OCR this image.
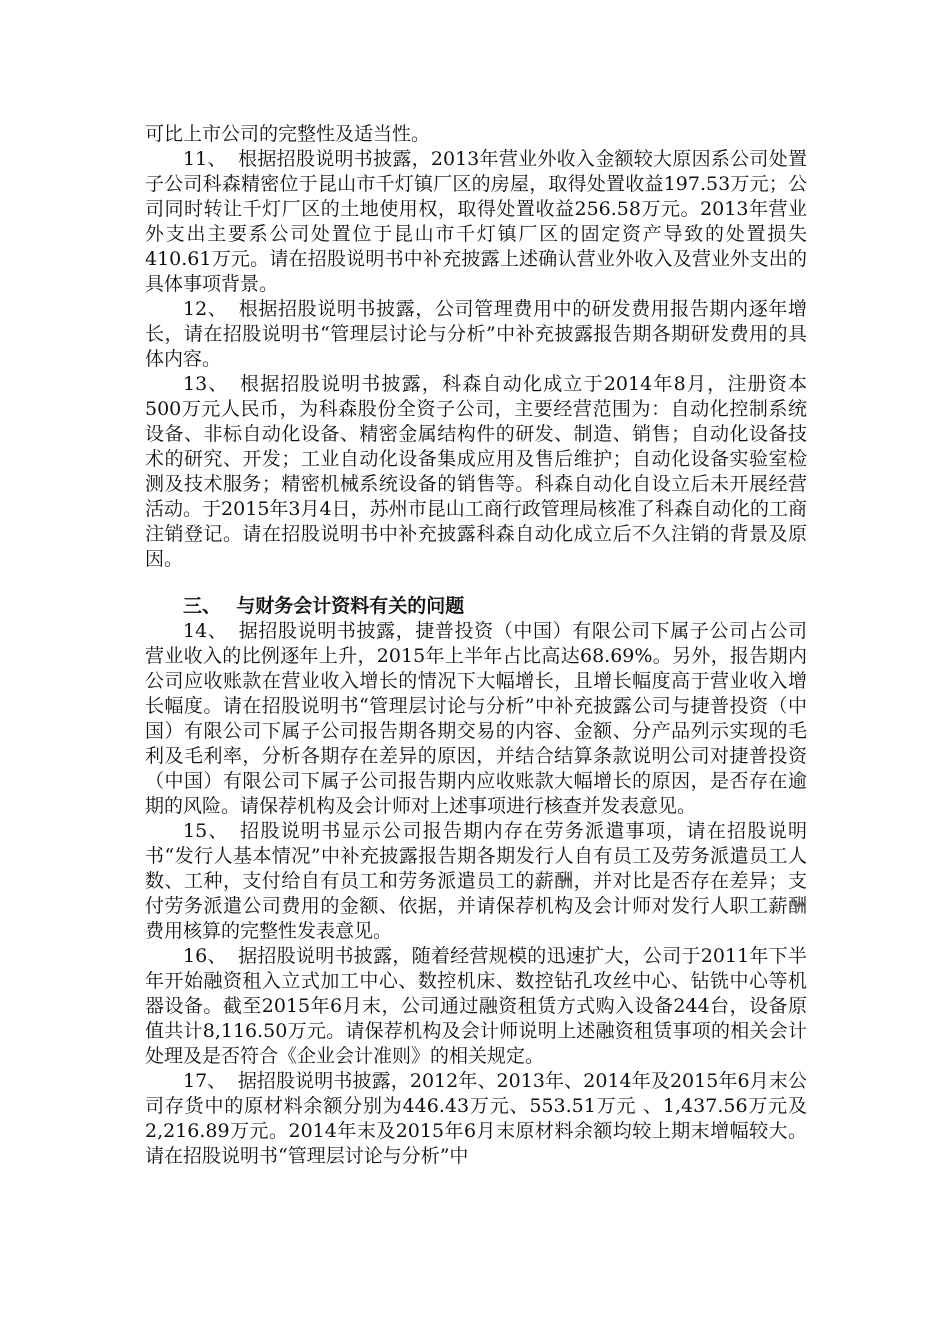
可比上市公司的完整性及适当性。

11、 根据招股说明书披露，2013年营业外收入金额较大原因系公司处置子公司科森精密位于昆山市千灯镇厂区的房屋，取得处置收益197.53万元；公司同时转让千灯厂区的土地使用权，取得处置收益256.58万元。2013年营业外支出主要系公司处置位于昆山市千灯镇厂区的固定资产导致的处置损失410.61万元。请在招股说明书中补充披露上述确认营业外收入及营业外支出的具体事项背景。

12、 根据招股说明书披露，公司管理费用中的研发费用报告期内逐年增长，请在招股说明书“管理层讨论与分析”中补充披露报告期各期研发费用的具体内容。

13、 根据招股说明书披露，科森自动化成立于2014年8月，注册资本500万元人民币，为科森股份全资子公司，主要经营范围为：自动化控制系统设备、非标自动化设备、精密金属结构件的研发、制造、销售；自动化设备技术的研究、开发；工业自动化设备集成应用及售后维护；自动化设备实验室检测及技术服务；精密机械系统设备的销售等。科森自动化自设立后未开展经营活动。于2015年3月4日，苏州市昆山工商行政管理局核准了科森自动化的工商注销登记。请在招股说明书中补充披露科森自动化成立后不久注销的背景及原因。

三、 与财务会计资料有关的问题

14、 据招股说明书披露，捷普投资（中国）有限公司下属子公司占公司营业收入的比例逐年上升，2015年上半年占比高达68.69%。另外，报告期内公司应收账款在营业收入增长的情况下大幅增长，且增长幅度高于营业收入增长幅度。请在招股说明书“管理层讨论与分析”中补充披露公司与捷普投资（中国）有限公司下属子公司报告期各期交易的内容、金额、分产品列示实现的毛利及毛利率，分析各期存在差异的原因，并结合结算条款说明公司对捷普投资（中国）有限公司下属子公司报告期内应收账款大幅增长的原因，是否存在逾期的风险。请保荐机构及会计师对上述事项进行核查并发表意见。

15、 招股说明书显示公司报告期内存在劳务派遣事项，请在招股说明书“发行人基本情况”中补充披露报告期各期发行人自有员工及劳务派遣员工人数、工种，支付给自有员工和劳务派遣员工的薪酬，并对比是否存在差异；支付劳务派遣公司费用的金额、依据，并请保荐机构及会计师对发行人职工薪酬费用核算的完整性发表意见。

16、 据招股说明书披露，随着经营规模的迅速扩大，公司于2011年下半年开始融资租入立式加工中心、数控机床、数控钻孔攻丝中心、钻铣中心等机器设备。截至2015年6月末，公司通过融资租赁方式购入设备244台，设备原值共计8,116.50万元。请保荐机构及会计师说明上述融资租赁事项的相关会计处理及是否符合《企业会计准则》的相关规定。

17、 据招股说明书披露，2012年、2013年、2014年及2015年6月末公司存货中的原材料余额分别为446.43万元、553.51万元 、1,437.56万元及2,216.89万元。2014年末及2015年6月末原材料余额均较上期末增幅较大。请在招股说明书“管理层讨论与分析”中
